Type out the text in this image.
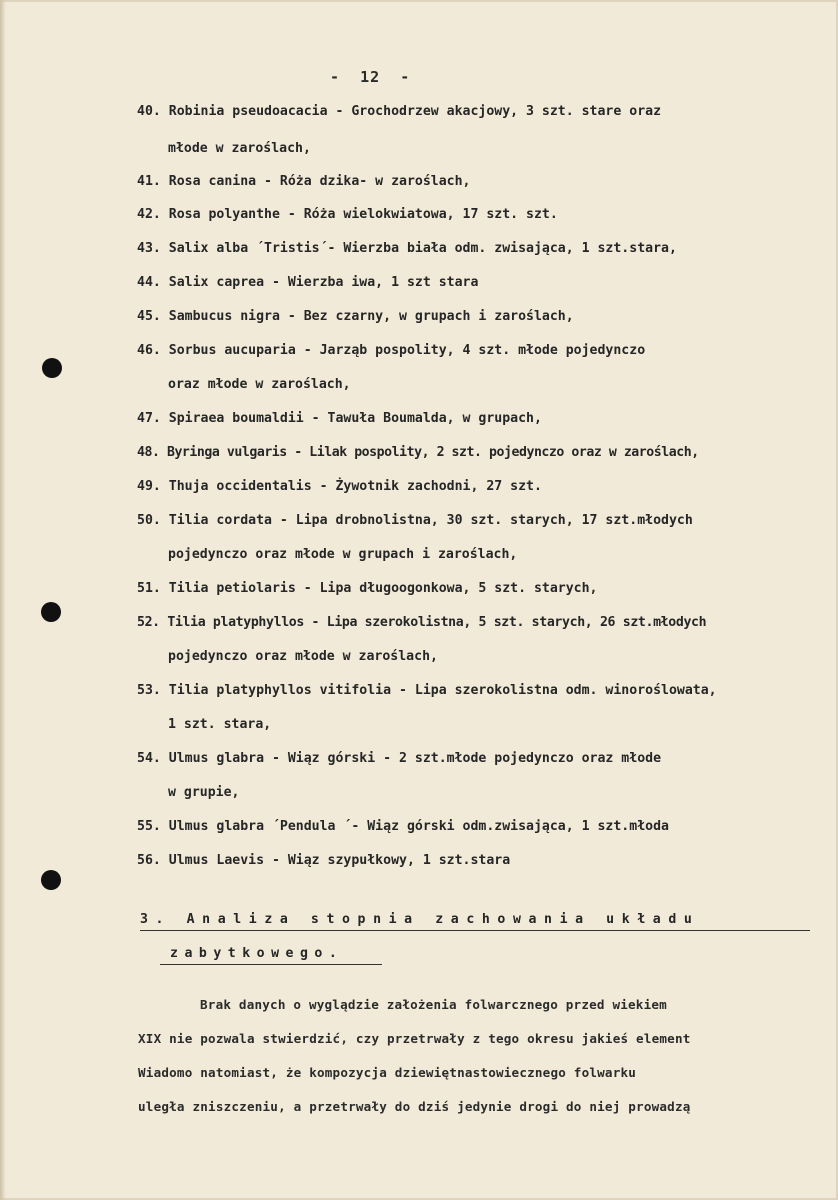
-  12  -
40. Robinia pseudoacacia - Grochodrzew akacjowy, 3 szt. stare oraz
młode w zaroślach,
41. Rosa canina - Róża dzika- w zaroślach,
42. Rosa polyanthe - Róża wielokwiatowa, 17 szt. szt.
43. Salix alba ´Tristis´- Wierzba biała odm. zwisająca, 1 szt.stara,
44. Salix caprea - Wierzba iwa, 1 szt stara
45. Sambucus nigra - Bez czarny, w grupach i zaroślach,
46. Sorbus aucuparia - Jarząb pospolity, 4 szt. młode pojedynczo
oraz młode w zaroślach,
47. Spiraea boumaldii - Tawuła Boumalda, w grupach,
48. Byringa vulgaris - Lilak pospolity, 2 szt. pojedynczo oraz w zaroślach,
49. Thuja occidentalis - Żywotnik zachodni, 27 szt.
50. Tilia cordata - Lipa drobnolistna, 30 szt. starych, 17 szt.młodych
pojedynczo oraz młode w grupach i zaroślach,
51. Tilia petiolaris - Lipa długoogonkowa, 5 szt. starych,
52. Tilia platyphyllos - Lipa szerokolistna, 5 szt. starych, 26 szt.młodych
pojedynczo oraz młode w zaroślach,
53. Tilia platyphyllos vitifolia - Lipa szerokolistna odm. winoroślowata,
1 szt. stara,
54. Ulmus glabra - Wiąz górski - 2 szt.młode pojedynczo oraz młode
w grupie,
55. Ulmus glabra ´Pendula ´- Wiąz górski odm.zwisająca, 1 szt.młoda
56. Ulmus Laevis - Wiąz szypułkowy, 1 szt.stara
3. Analiza stopnia zachowania układu
zabytkowego.
Brak danych o wyglądzie założenia folwarcznego przed wiekiem
XIX nie pozwala stwierdzić, czy przetrwały z tego okresu jakieś element
Wiadomo natomiast, że kompozycja dziewiętnastowiecznego folwarku
uległa zniszczeniu, a przetrwały do dziś jedynie drogi do niej prowadzą
